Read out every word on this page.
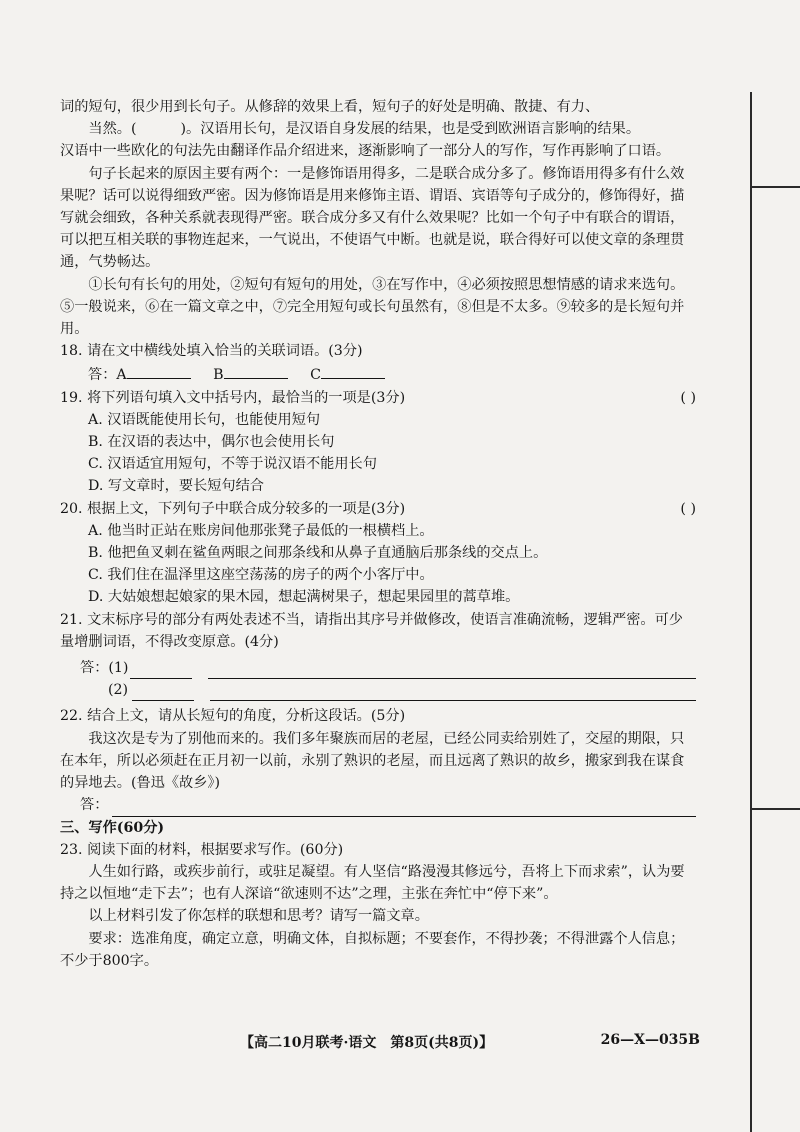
词的短句，很少用到长句子。从修辞的效果上看，短句子的好处是明确、散捷、有力、

当然。(	)。汉语用长句，是汉语自身发展的结果，也是受到欧洲语言影响的结果。

汉语中一些欧化的句法先由翻译作品介绍进来，逐渐影响了一部分人的写作，写作再影响了口语。

句子长起来的原因主要有两个：一是修饰语用得多，二是联合成分多了。修饰语用得多有什么效果呢？话可以说得细致严密。因为修饰语是用来修饰主语、谓语、宾语等句子成分的，修饰得好，描写就会细致，各种关系就表现得严密。联合成分多又有什么效果呢？比如一个句子中有联合的谓语，可以把互相关联的事物连起来，一气说出，不使语气中断。也就是说，联合得好可以使文章的条理贯通，气势畅达。

①长句有长句的用处，②短句有短句的用处，③在写作中，④必须按照思想情感的请求来选句。⑤一般说来，⑥在一篇文章之中，⑦完全用短句或长句虽然有，⑧但是不太多。⑨较多的是长短句并用。

18. 请在文中横线处填入恰当的关联词语。(3分)

答：A	B	C

19. 将下列语句填入文中括号内，最恰当的一项是(3分)	( )

A. 汉语既能使用长句，也能使用短句

B. 在汉语的表达中，偶尔也会使用长句

C. 汉语适宜用短句，不等于说汉语不能用长句

D. 写文章时，要长短句结合

20. 根据上文，下列句子中联合成分较多的一项是(3分)	( )

A. 他当时正站在账房间他那张凳子最低的一根横档上。

B. 他把鱼叉刺在鲨鱼两眼之间那条线和从鼻子直通脑后那条线的交点上。

C. 我们住在温泽里这座空荡荡的房子的两个小客厅中。

D. 大姑娘想起娘家的果木园，想起满树果子，想起果园里的蒿草堆。

21. 文末标序号的部分有两处表述不当，请指出其序号并做修改，使语言准确流畅，逻辑严密。可少量增删词语，不得改变原意。(4分)

答：(1)
(2)

22. 结合上文，请从长短句的角度，分析这段话。(5分)

我这次是专为了别他而来的。我们多年聚族而居的老屋，已经公同卖给别姓了，交屋的期限，只在本年，所以必须赶在正月初一以前，永别了熟识的老屋，而且远离了熟识的故乡，搬家到我在谋食的异地去。(鲁迅《故乡》)

答：

三、写作(60分)

23. 阅读下面的材料，根据要求写作。(60分)

人生如行路，或疾步前行，或驻足凝望。有人坚信“路漫漫其修远兮，吾将上下而求索”，认为要持之以恒地“走下去”；也有人深谙“欲速则不达”之理，主张在奔忙中“停下来”。

以上材料引发了你怎样的联想和思考？请写一篇文章。

要求：选准角度，确定立意，明确文体，自拟标题；不要套作，不得抄袭；不得泄露个人信息；不少于800字。

【高二10月联考·语文　第8页(共8页)】	26—X—035B
